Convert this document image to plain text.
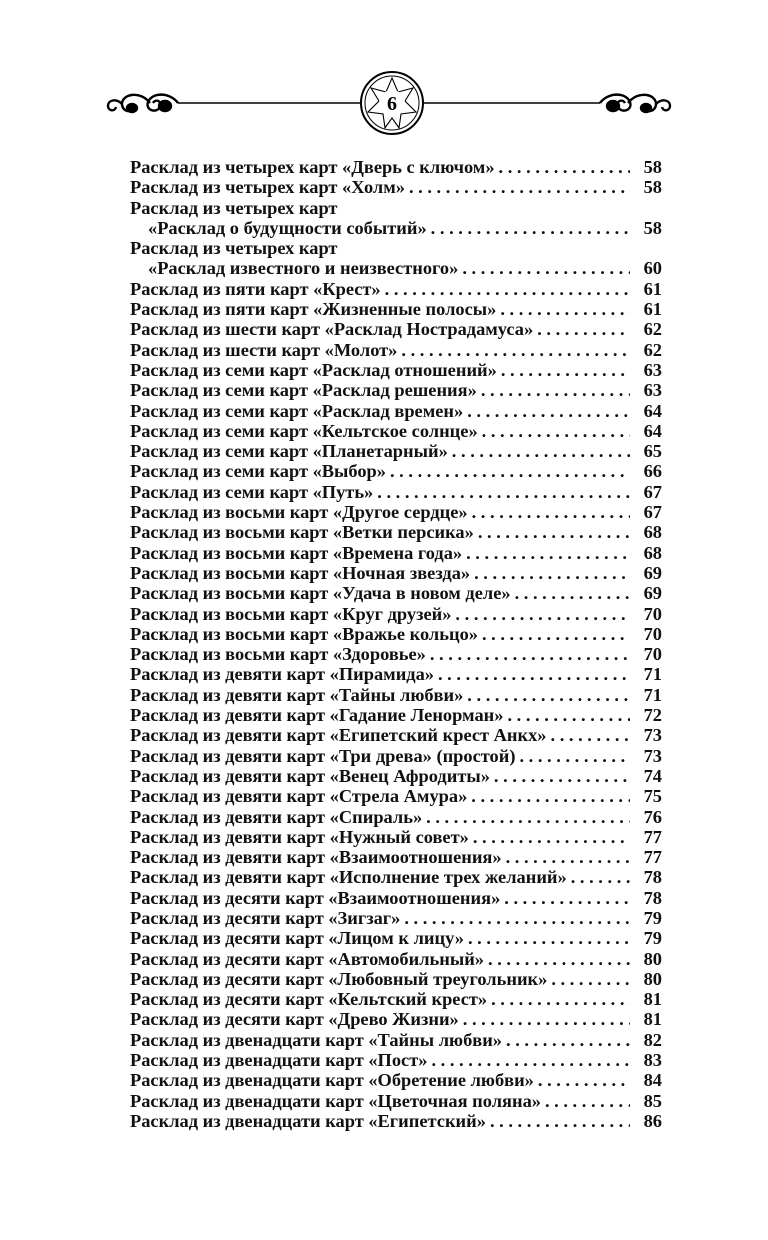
6
Расклад из четырех карт «Дверь с ключом» . . .	58
Расклад из четырех карт «Холм» . . .	58
Расклад из четырех карт
«Расклад о будущности событий» . . .	58
Расклад из четырех карт
«Расклад известного и неизвестного» . . .	60
Расклад из пяти карт «Крест» . . .	61
Расклад из пяти карт «Жизненные полосы» . . .	61
Расклад из шести карт «Расклад Нострадамуса» . . .	62
Расклад из шести карт «Молот» . . .	62
Расклад из семи карт «Расклад отношений» . . .	63
Расклад из семи карт «Расклад решения» . . .	63
Расклад из семи карт «Расклад времен» . . .	64
Расклад из семи карт «Кельтское солнце» . . .	64
Расклад из семи карт «Планетарный» . . .	65
Расклад из семи карт «Выбор» . . .	66
Расклад из семи карт «Путь» . . .	67
Расклад из восьми карт «Другое сердце» . . .	67
Расклад из восьми карт «Ветки персика» . . .	68
Расклад из восьми карт «Времена года» . . .	68
Расклад из восьми карт «Ночная звезда» . . .	69
Расклад из восьми карт «Удача в новом деле» . . .	69
Расклад из восьми карт «Круг друзей» . . .	70
Расклад из восьми карт «Вражье кольцо» . . .	70
Расклад из восьми карт «Здоровье» . . .	70
Расклад из девяти карт «Пирамида» . . .	71
Расклад из девяти карт «Тайны любви» . . .	71
Расклад из девяти карт «Гадание Ленорман» . . .	72
Расклад из девяти карт «Египетский крест Анкх» . . .	73
Расклад из девяти карт «Три древа» (простой) . . .	73
Расклад из девяти карт «Венец Афродиты» . . .	74
Расклад из девяти карт «Стрела Амура» . . .	75
Расклад из девяти карт «Спираль» . . .	76
Расклад из девяти карт «Нужный совет» . . .	77
Расклад из девяти карт «Взаимоотношения» . . .	77
Расклад из девяти карт «Исполнение трех желаний» . . .	78
Расклад из десяти карт «Взаимоотношения» . . .	78
Расклад из десяти карт «Зигзаг» . . .	79
Расклад из десяти карт «Лицом к лицу» . . .	79
Расклад из десяти карт «Автомобильный» . . .	80
Расклад из десяти карт «Любовный треугольник» . . .	80
Расклад из десяти карт «Кельтский крест» . . .	81
Расклад из десяти карт «Древо Жизни» . . .	81
Расклад из двенадцати карт «Тайны любви» . . .	82
Расклад из двенадцати карт «Пост» . . .	83
Расклад из двенадцати карт «Обретение любви» . . .	84
Расклад из двенадцати карт «Цветочная поляна» . . .	85
Расклад из двенадцати карт «Египетский» . . .	86
